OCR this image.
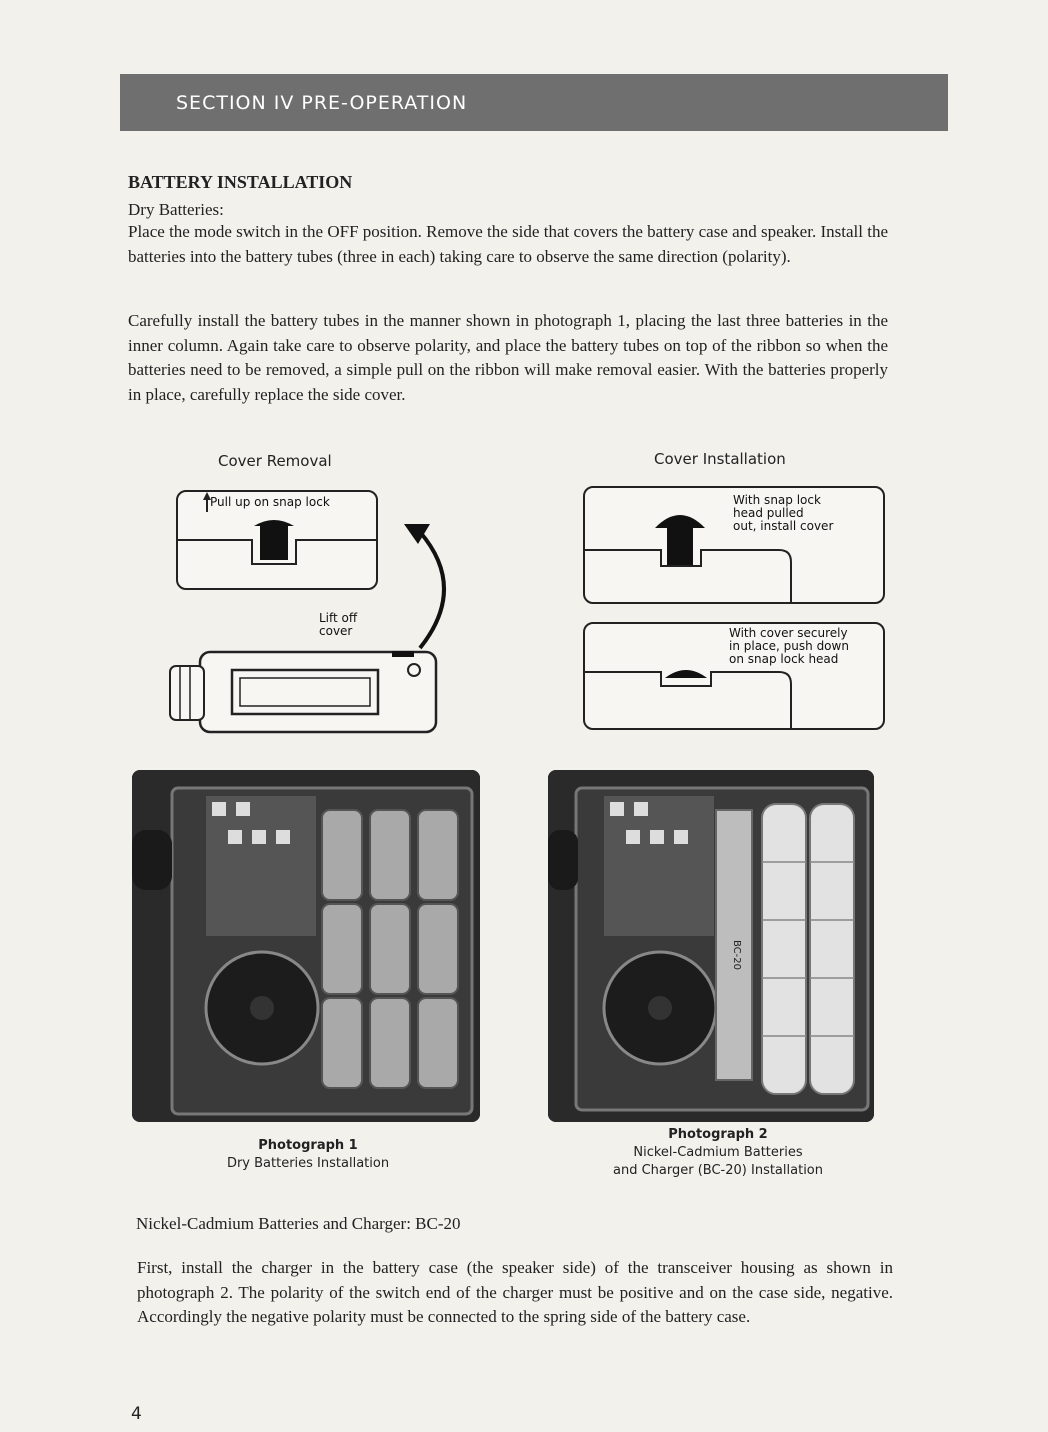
SECTION IV PRE-OPERATION
BATTERY INSTALLATION
Dry Batteries:

Place the mode switch in the OFF position. Remove the side that covers the battery case and speaker. Install the batteries into the battery tubes (three in each) taking care to observe the same direction (polarity).

Carefully install the battery tubes in the manner shown in photograph 1, placing the last three batteries in the inner column. Again take care to observe polarity, and place the battery tubes on top of the ribbon so when the batteries need to be removed, a simple pull on the ribbon will make removal easier. With the batteries properly in place, carefully replace the side cover.

Cover Removal
Pull up on snap lock
Lift off
cover
Cover Installation
With snap lock
head pulled
out, install cover
With cover securely
in place, push down
on snap lock head
Photograph 1
Dry Batteries Installation
BC-20
Photograph 2
Nickel-Cadmium Batteries
and Charger (BC-20) Installation
Nickel-Cadmium Batteries and Charger: BC-20

First, install the charger in the battery case (the speaker side) of the transceiver housing as shown in photograph 2. The polarity of the switch end of the charger must be positive and on the case side, negative. Accordingly the negative polarity must be connected to the spring side of the battery case.

4
